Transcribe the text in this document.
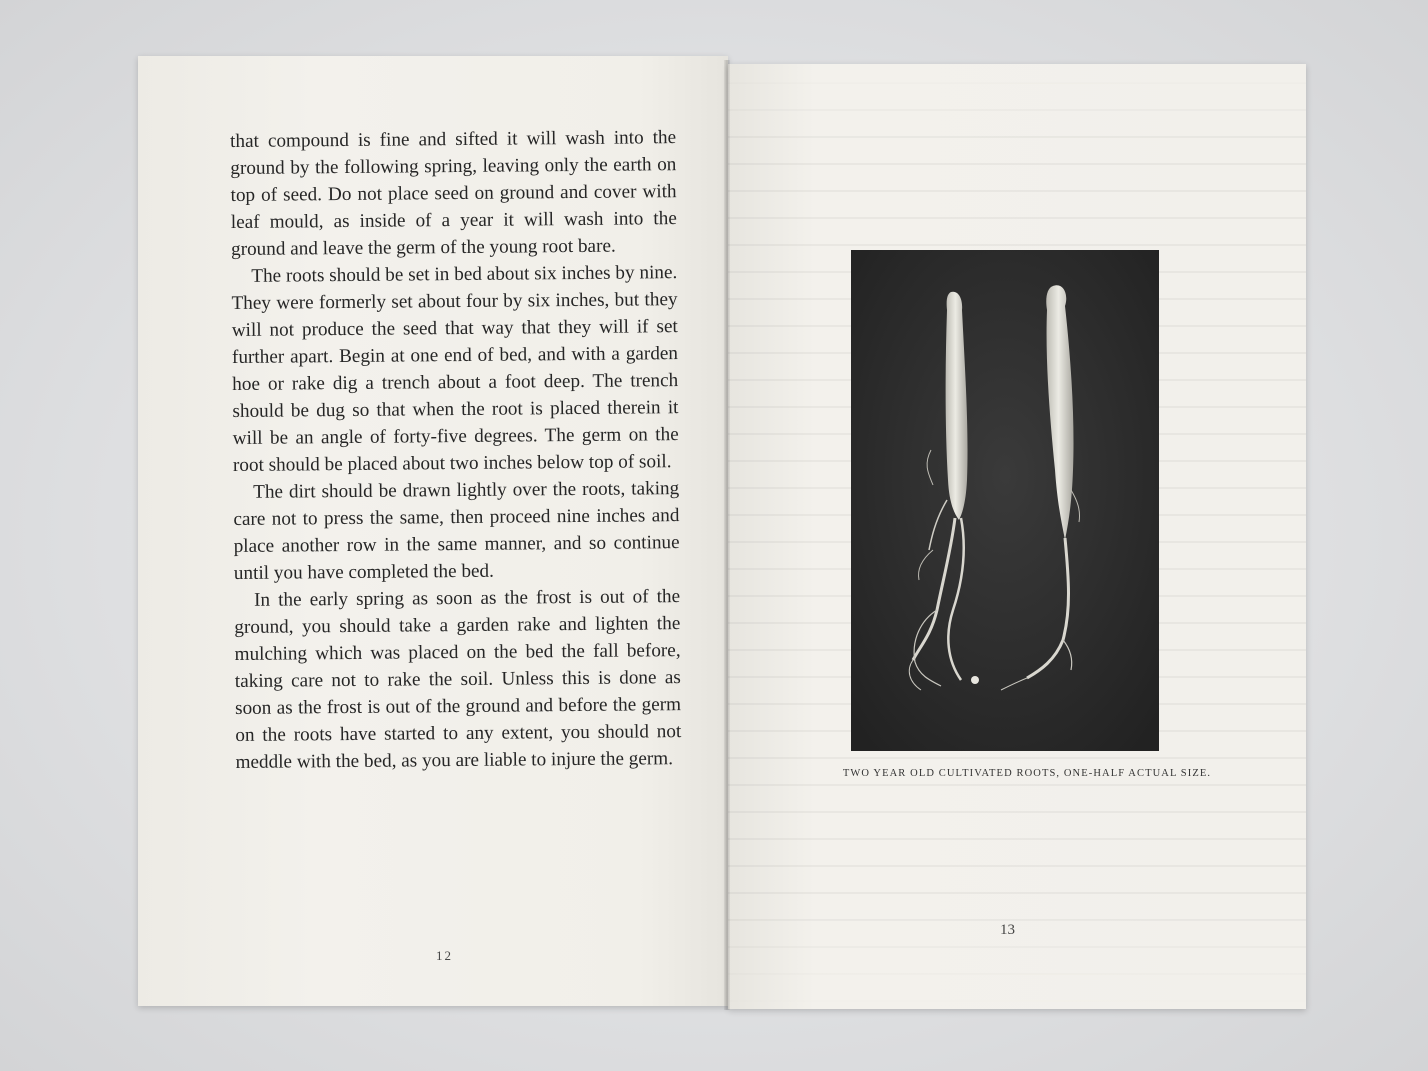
that compound is fine and sifted it will wash into the ground by the following spring, leaving only the earth on top of seed. Do not place seed on ground and cover with leaf mould, as inside of a year it will wash into the ground and leave the germ of the young root bare.

The roots should be set in bed about six inches by nine. They were formerly set about four by six inches, but they will not produce the seed that way that they will if set further apart. Begin at one end of bed, and with a garden hoe or rake dig a trench about a foot deep. The trench should be dug so that when the root is placed therein it will be an angle of forty-five degrees. The germ on the root should be placed about two inches below top of soil.

The dirt should be drawn lightly over the roots, taking care not to press the same, then proceed nine inches and place another row in the same manner, and so continue until you have completed the bed.

In the early spring as soon as the frost is out of the ground, you should take a garden rake and lighten the mulching which was placed on the bed the fall before, taking care not to rake the soil. Unless this is done as soon as the frost is out of the ground and before the germ on the roots have started to any extent, you should not meddle with the bed, as you are liable to injure the germ.

12
TWO YEAR OLD CULTIVATED ROOTS, ONE-HALF ACTUAL SIZE.
13
